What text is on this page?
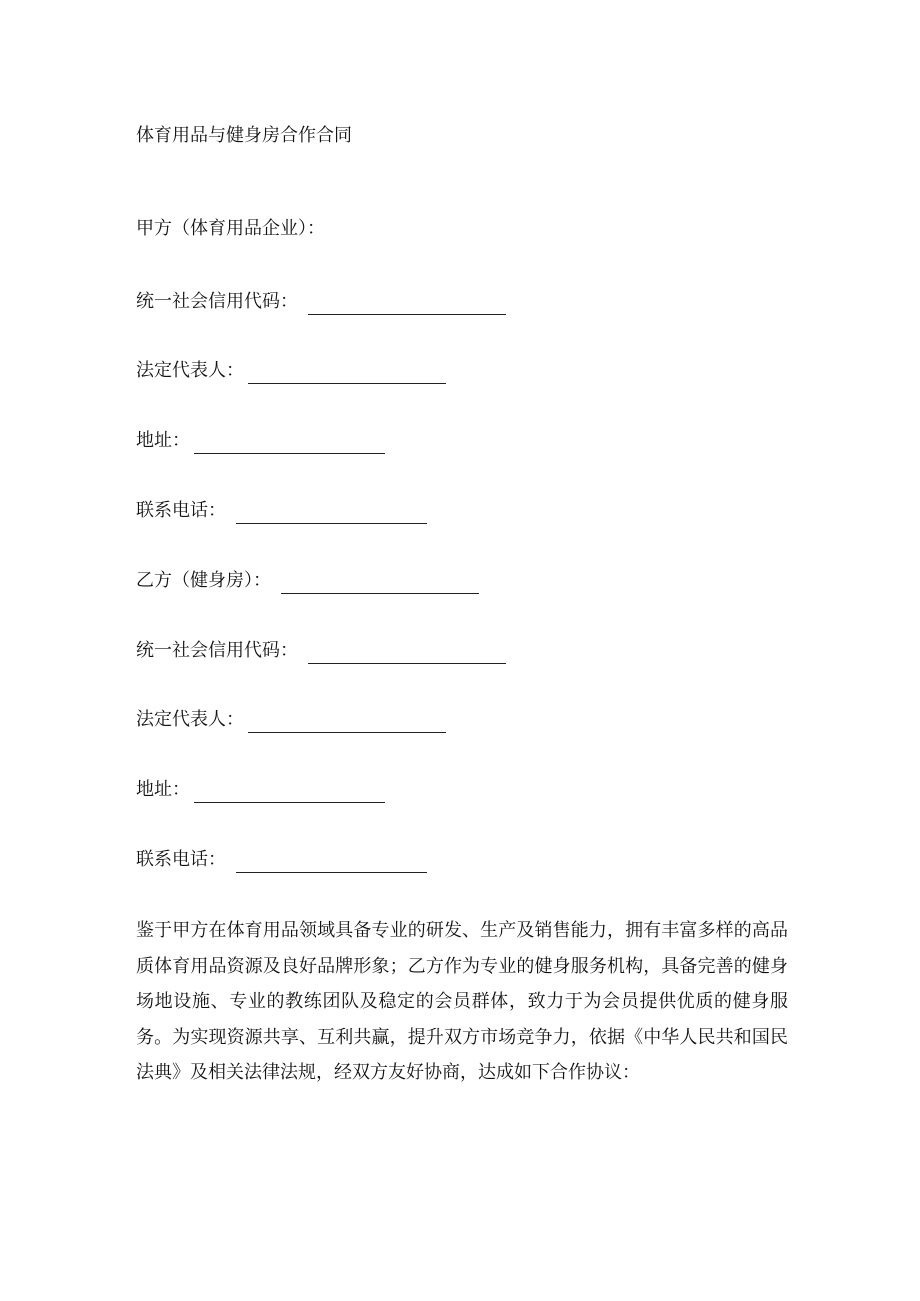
体育用品与健身房合作合同
甲方（体育用品企业）：
统一社会信用代码：
法定代表人：
地址：
联系电话：
乙方（健身房）：
统一社会信用代码：
法定代表人：
地址：
联系电话：

鉴于甲方在体育用品领域具备专业的研发、生产及销售能力，拥有丰富多样的高品质体育用品资源及良好品牌形象；乙方作为专业的健身服务机构，具备完善的健身场地设施、专业的教练团队及稳定的会员群体，致力于为会员提供优质的健身服务。为实现资源共享、互利共赢，提升双方市场竞争力，依据《中华人民共和国民法典》及相关法律法规，经双方友好协商，达成如下合作协议：
